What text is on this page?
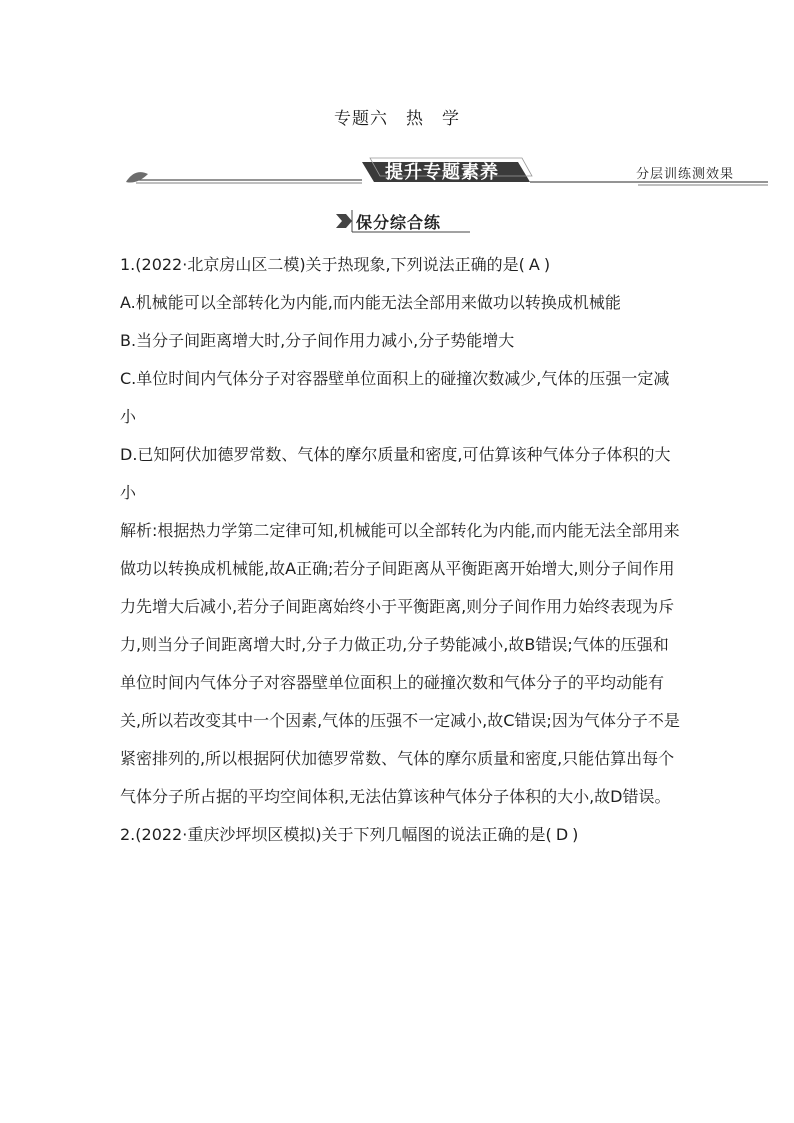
专题六　热　学
提升专题素养	分层训练测效果
保分综合练

1.(2022·北京房山区二模)关于热现象,下列说法正确的是( A )

A.机械能可以全部转化为内能,而内能无法全部用来做功以转换成机械能

B.当分子间距离增大时,分子间作用力减小,分子势能增大

C.单位时间内气体分子对容器壁单位面积上的碰撞次数减少,气体的压强一定减小

D.已知阿伏加德罗常数、气体的摩尔质量和密度,可估算该种气体分子体积的大小

解析:根据热力学第二定律可知,机械能可以全部转化为内能,而内能无法全部用来做功以转换成机械能,故A正确;若分子间距离从平衡距离开始增大,则分子间作用力先增大后减小,若分子间距离始终小于平衡距离,则分子间作用力始终表现为斥力,则当分子间距离增大时,分子力做正功,分子势能减小,故B错误;气体的压强和单位时间内气体分子对容器壁单位面积上的碰撞次数和气体分子的平均动能有关,所以若改变其中一个因素,气体的压强不一定减小,故C错误;因为气体分子不是紧密排列的,所以根据阿伏加德罗常数、气体的摩尔质量和密度,只能估算出每个气体分子所占据的平均空间体积,无法估算该种气体分子体积的大小,故D错误。

2.(2022·重庆沙坪坝区模拟)关于下列几幅图的说法正确的是( D )
